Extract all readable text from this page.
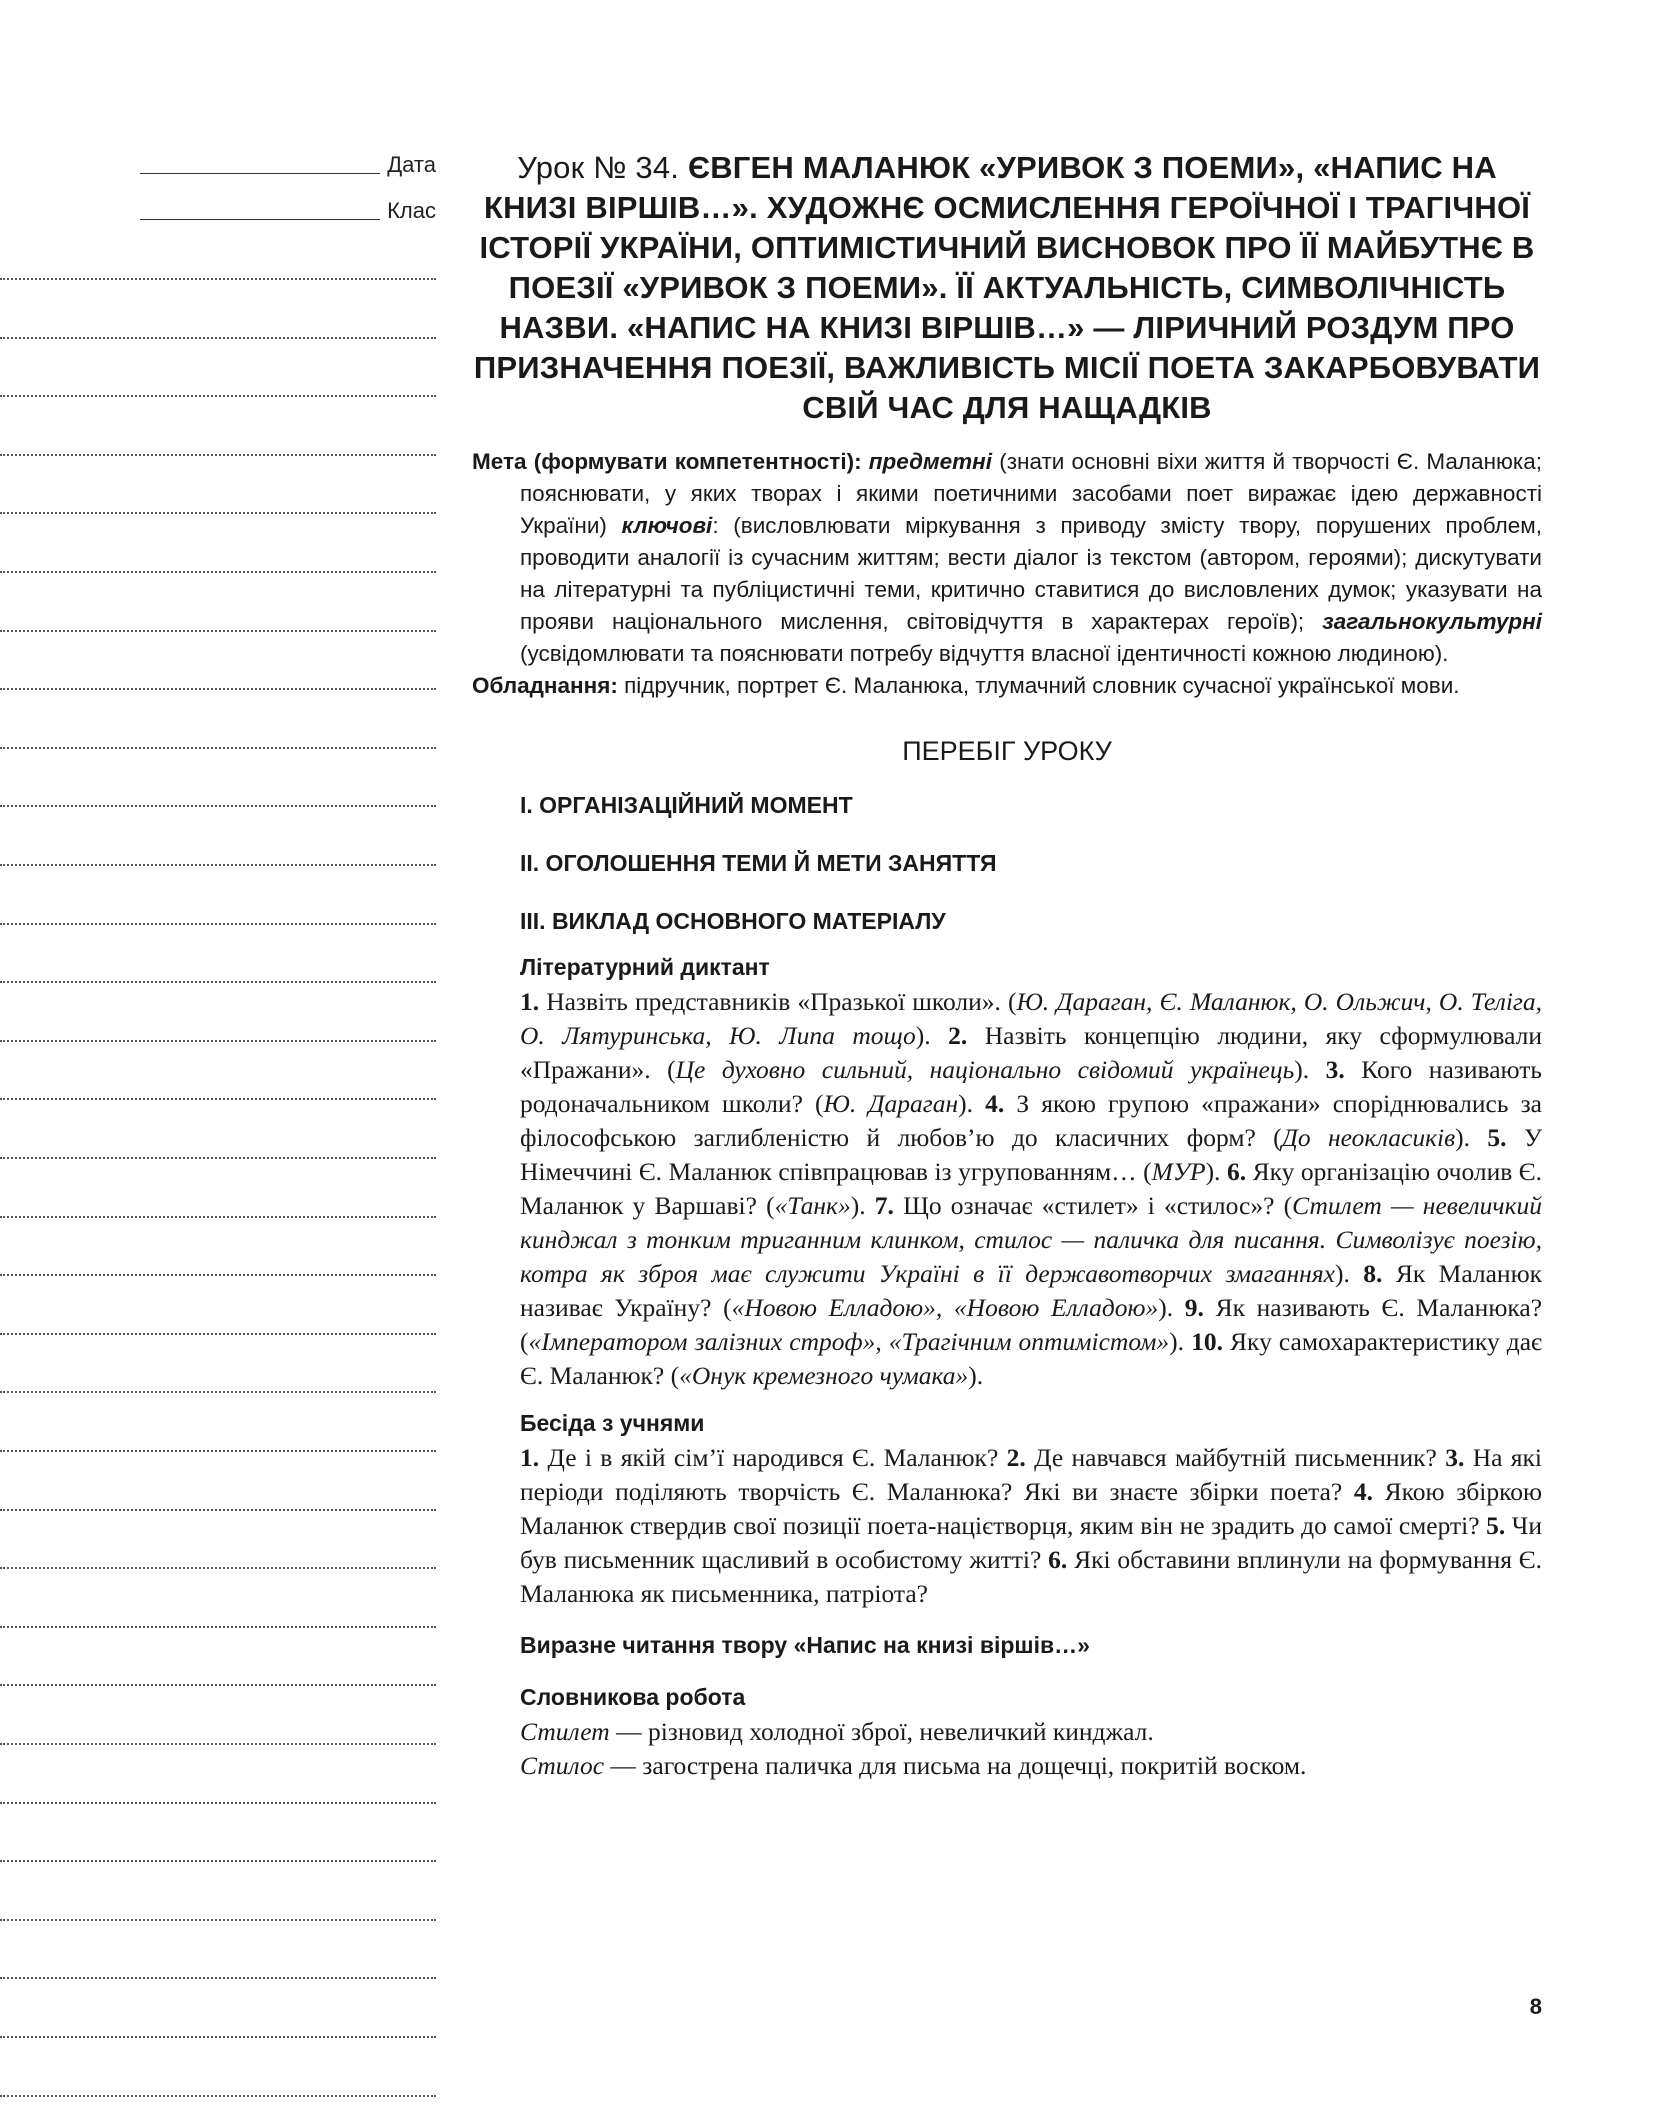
Дата
Клас
Урок № 34. ЄВГЕН МАЛАНЮК «УРИВОК З ПОЕМИ», «НАПИС НА КНИЗІ ВІРШІВ…». ХУДОЖНЄ ОСМИСЛЕННЯ ГЕРОЇЧНОЇ І ТРАГІЧНОЇ ІСТОРІЇ УКРАЇНИ, ОПТИМІСТИЧНИЙ ВИСНОВОК ПРО ЇЇ МАЙБУТНЄ В ПОЕЗІЇ «УРИВОК З ПОЕМИ». ЇЇ АКТУАЛЬНІСТЬ, СИМВОЛІЧНІСТЬ НАЗВИ. «НАПИС НА КНИЗІ ВІРШІВ…» — ЛІРИЧНИЙ РОЗДУМ ПРО ПРИЗНАЧЕННЯ ПОЕЗІЇ, ВАЖЛИВІСТЬ МІСІЇ ПОЕТА ЗАКАРБОВУВАТИ СВІЙ ЧАС ДЛЯ НАЩАДКІВ

Мета (формувати компетентності): предметні (знати основні віхи життя й творчості Є. Маланюка; пояснювати, у яких творах і якими поетичними засобами поет виражає ідею державності України) ключові: (висловлювати міркування з приводу змісту твору, порушених проблем, проводити аналогії із сучасним життям; вести діалог із текстом (автором, героями); дискутувати на літературні та публіцистичні теми, критично ставитися до висловлених думок; указувати на прояви національного мислення, світовідчуття в характерах героїв); загальнокультурні (усвідомлювати та пояснювати потребу відчуття власної ідентичності кожною людиною).

Обладнання: підручник, портрет Є. Маланюка, тлумачний словник сучасної української мови.

ПЕРЕБІГ УРОКУ
I. ОРГАНІЗАЦІЙНИЙ МОМЕНТ
II. ОГОЛОШЕННЯ ТЕМИ Й МЕТИ ЗАНЯТТЯ
III. ВИКЛАД ОСНОВНОГО МАТЕРІАЛУ
Літературний диктант

1. Назвіть представників «Празької школи». (Ю. Дараган, Є. Маланюк, О. Ольжич, О. Теліга, О. Лятуринська, Ю. Липа тощо). 2. Назвіть концепцію людини, яку сформулювали «Пражани». (Це духовно сильний, національно свідомий українець). 3. Кого називають родоначальником школи? (Ю. Дараган). 4. З якою групою «пражани» споріднювались за філософською заглибленістю й любов’ю до класичних форм? (До неокласиків). 5. У Німеччині Є. Маланюк співпрацював із угрупованням… (МУР). 6. Яку організацію очолив Є. Маланюк у Варшаві? («Танк»). 7. Що означає «стилет» і «стилос»? (Стилет — невеличкий кинджал з тонким триганним клинком, стилос — паличка для писання. Символізує поезію, котра як зброя має служити Україні в її державотворчих змаганнях). 8. Як Маланюк називає Україну? («Новою Елладою», «Новою Елладою»). 9. Як називають Є. Маланюка? («Імператором залізних строф», «Трагічним оптимістом»). 10. Яку самохарактеристику дає Є. Маланюк? («Онук кремезного чумака»).

Бесіда з учнями

1. Де і в якій сім’ї народився Є. Маланюк? 2. Де навчався майбутній письменник? 3. На які періоди поділяють творчість Є. Маланюка? Які ви знаєте збірки поета? 4. Якою збіркою Маланюк ствердив свої позиції поета-націєтворця, яким він не зрадить до самої смерті? 5. Чи був письменник щасливий в особистому житті? 6. Які обставини вплинули на формування Є. Маланюка як письменника, патріота?

Виразне читання твору «Напис на книзі віршів…»
Словникова робота

Стилет — різновид холодної зброї, невеличкий кинджал.

Стилос — загострена паличка для письма на дощечці, покритій воском.

8
